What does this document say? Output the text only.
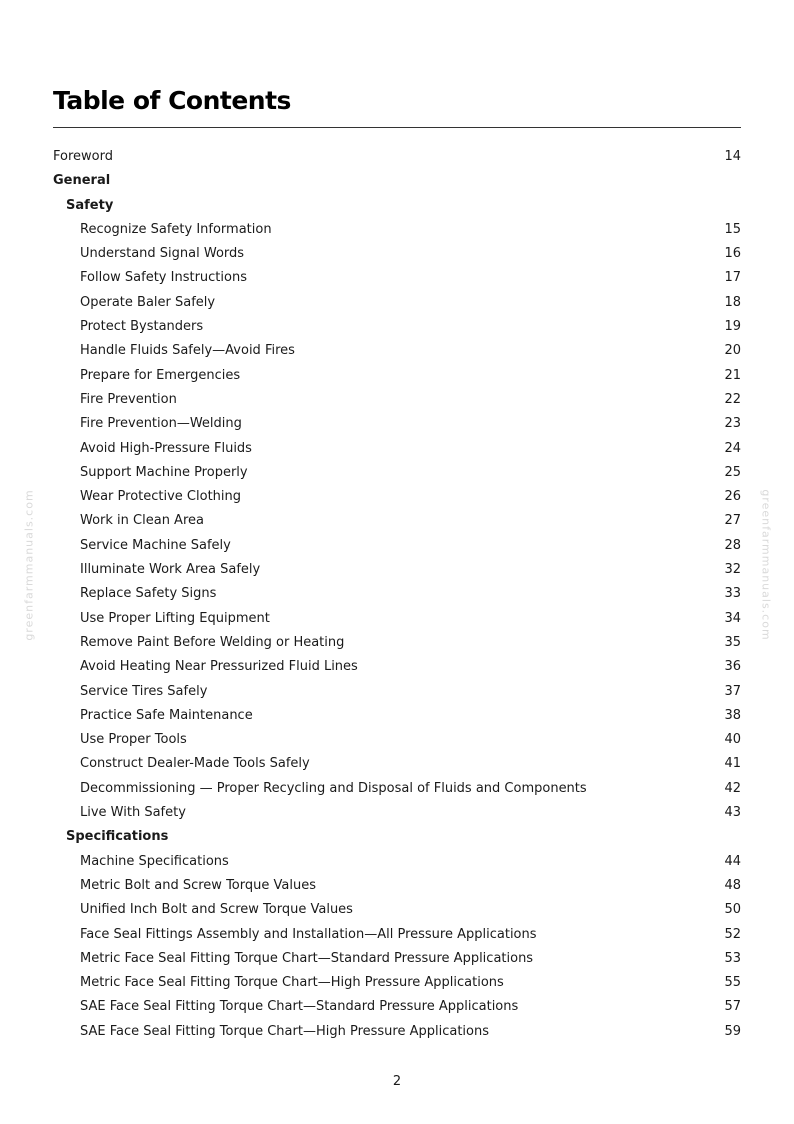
Table of Contents
Foreword	14
General
Safety
Recognize Safety Information	15
Understand Signal Words	16
Follow Safety Instructions	17
Operate Baler Safely	18
Protect Bystanders	19
Handle Fluids Safely—Avoid Fires	20
Prepare for Emergencies	21
Fire Prevention	22
Fire Prevention—Welding	23
Avoid High-Pressure Fluids	24
Support Machine Properly	25
Wear Protective Clothing	26
Work in Clean Area	27
Service Machine Safely	28
Illuminate Work Area Safely	32
Replace Safety Signs	33
Use Proper Lifting Equipment	34
Remove Paint Before Welding or Heating	35
Avoid Heating Near Pressurized Fluid Lines	36
Service Tires Safely	37
Practice Safe Maintenance	38
Use Proper Tools	40
Construct Dealer-Made Tools Safely	41
Decommissioning — Proper Recycling and Disposal of Fluids and Components	42
Live With Safety	43
Specifications
Machine Specifications	44
Metric Bolt and Screw Torque Values	48
Unified Inch Bolt and Screw Torque Values	50
Face Seal Fittings Assembly and Installation—All Pressure Applications	52
Metric Face Seal Fitting Torque Chart—Standard Pressure Applications	53
Metric Face Seal Fitting Torque Chart—High Pressure Applications	55
SAE Face Seal Fitting Torque Chart—Standard Pressure Applications	57
SAE Face Seal Fitting Torque Chart—High Pressure Applications	59
greenfarmmanuals.com	greenfarmmanuals.com
2
